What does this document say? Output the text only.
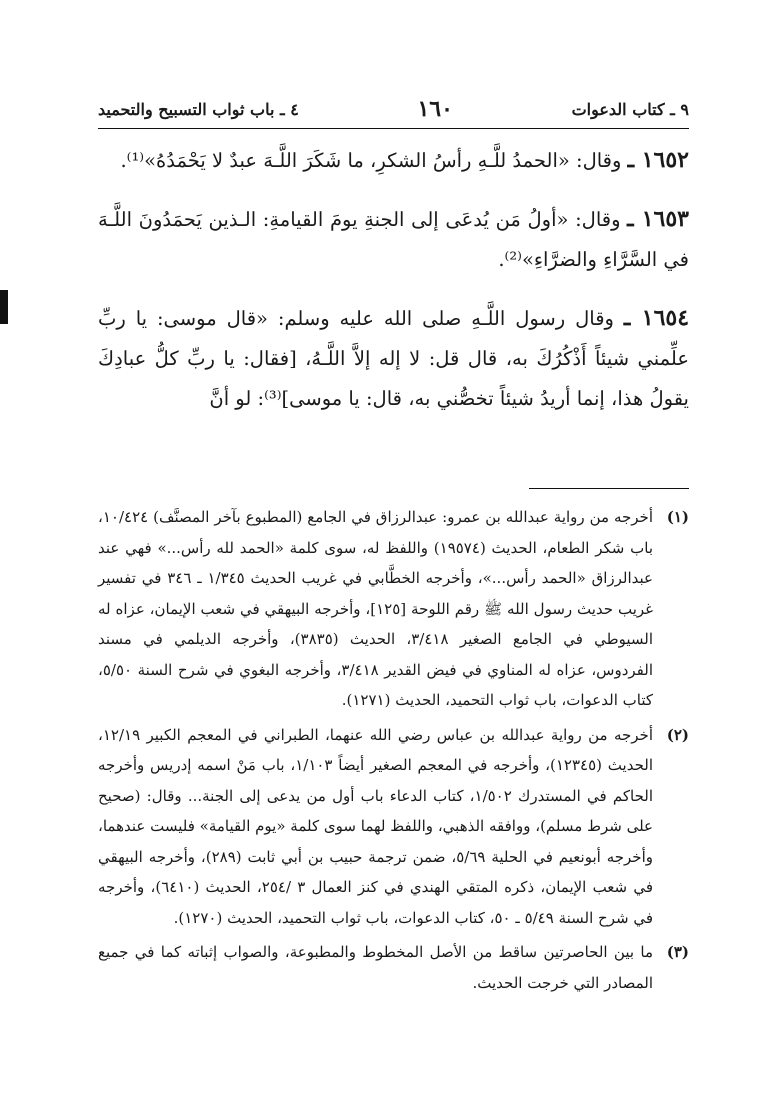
٩ ـ كتاب الدعوات
١٦٠
٤ ـ باب ثواب التسبيح والتحميد

١٦٥٢ ـ وقال: «الحمدُ للَّـهِ رأسُ الشكرِ، ما شَكَرَ اللَّـهَ عبدٌ لا يَحْمَدُهُ»⁽¹⁾.

١٦٥٣ ـ وقال: «أولُ مَن يُدعَى إلى الجنةِ يومَ القيامةِ: الـذين يَحمَدُونَ اللَّـهَ في السَّرَّاءِ والضرَّاءِ»⁽²⁾.

١٦٥٤ ـ وقال رسول اللَّـهِ صلى الله عليه وسلم: «قال موسى: يا ربِّ علِّمني شيئاً أَذْكُرُكَ به، قال قل: لا إله إلاَّ اللَّـهُ، [فقال: يا ربِّ كلُّ عبادِكَ يقولُ هذا، إنما أريدُ شيئاً تخصُّني به، قال: يا موسى]⁽³⁾: لو أنَّ

(١)
أخرجه من رواية عبدالله بن عمرو: عبدالرزاق في الجامع (المطبوع بآخر المصنَّف) ١٠/٤٢٤، باب شكر الطعام، الحديث (١٩٥٧٤) واللفظ له، سوى كلمة «الحمد لله رأس...» فهي عند عبدالرزاق «الحمد رأس...»، وأخرجه الخطَّابي في غريب الحديث ١/٣٤٥ ـ ٣٤٦ في تفسير غريب حديث رسول الله ﷺ رقم اللوحة [١٢٥]، وأخرجه البيهقي في شعب الإيمان، عزاه له السيوطي في الجامع الصغير ٣/٤١٨، الحديث (٣٨٣٥)، وأخرجه الديلمي في مسند الفردوس، عزاه له المناوي في فيض القدير ٣/٤١٨، وأخرجه البغوي في شرح السنة ٥/٥٠، كتاب الدعوات، باب ثواب التحميد، الحديث (١٢٧١).
(٢)
أخرجه من رواية عبدالله بن عباس رضي الله عنهما، الطبراني في المعجم الكبير ١٢/١٩، الحديث (١٢٣٤٥)، وأخرجه في المعجم الصغير أيضاً ١/١٠٣، باب مَنْ اسمه إدريس وأخرجه الحاكم في المستدرك ١/٥٠٢، كتاب الدعاء باب أول من يدعى إلى الجنة... وقال: (صحيح على شرط مسلم)، ووافقه الذهبي، واللفظ لهما سوى كلمة «يوم القيامة» فليست عندهما، وأخرجه أبونعيم في الحلية ٥/٦٩، ضمن ترجمة حبيب بن أبي ثابت (٢٨٩)، وأخرجه البيهقي في شعب الإيمان، ذكره المتقي الهندي في كنز العمال ٣ /٢٥٤، الحديث (٦٤١٠)، وأخرجه في شرح السنة ٥/٤٩ ـ ٥٠، كتاب الدعوات، باب ثواب التحميد، الحديث (١٢٧٠).
(٣)
ما بين الحاصرتين ساقط من الأصل المخطوط والمطبوعة، والصواب إثباته كما في جميع المصادر التي خرجت الحديث.
